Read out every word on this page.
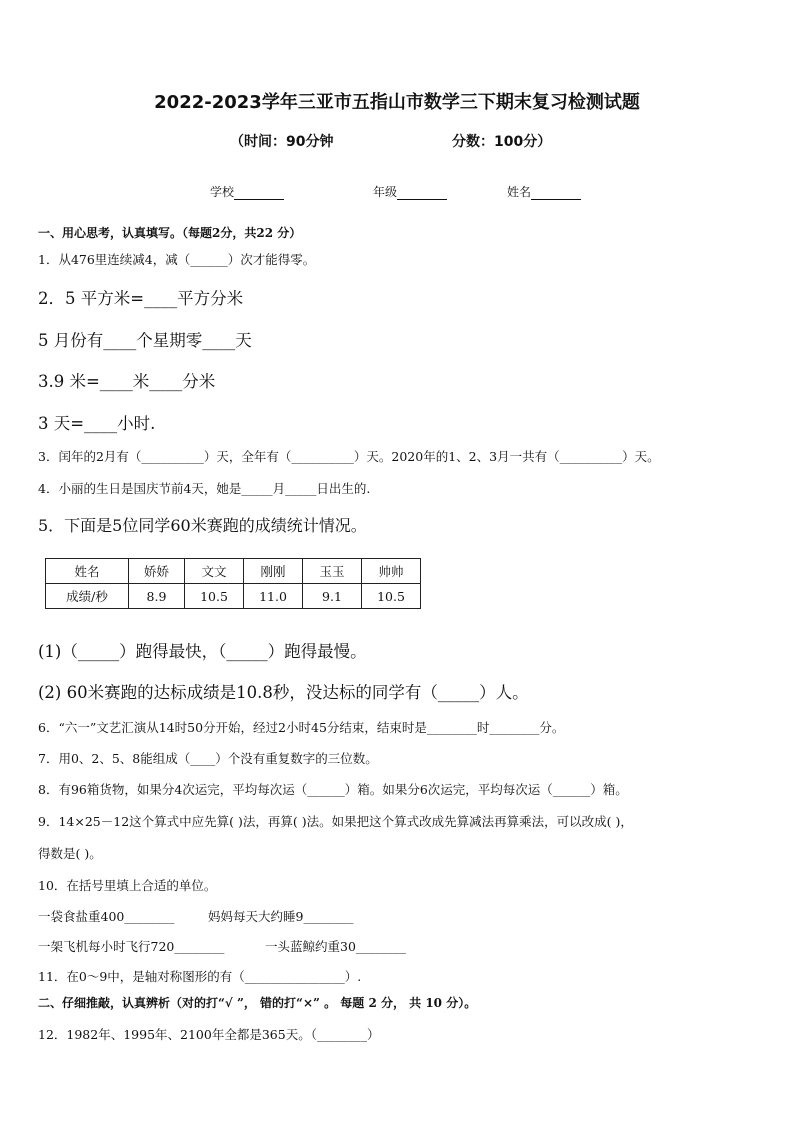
2022-2023学年三亚市五指山市数学三下期末复习检测试题
（时间：90分钟	分数：100分）
学校	年级	姓名
一、用心思考，认真填写。（每题2分，共22 分）
1．从476里连续减4，减（______）次才能得零。
2．5 平方米=____平方分米
5 月份有____个星期零____天
3.9 米=____米____分米
3 天=____小时.
3．闰年的2月有（__________）天，全年有（__________）天。2020年的1、2、3月一共有（__________）天。
4．小丽的生日是国庆节前4天，她是_____月_____日出生的.
5．下面是5位同学60米赛跑的成绩统计情况。
姓名	娇娇	文文	刚刚	玉玉	帅帅
成绩/秒	8.9	10.5	11.0	9.1	10.5
(1)（_____）跑得最快，（_____）跑得最慢。
(2) 60米赛跑的达标成绩是10.8秒，没达标的同学有（_____）人。
6．“六一”文艺汇演从14时50分开始，经过2小时45分结束，结束时是________时________分。
7．用0、2、5、8能组成（____）个没有重复数字的三位数。
8．有96箱货物，如果分4次运完，平均每次运（______）箱。如果分6次运完，平均每次运（______）箱。
9．14×25－12这个算式中应先算( )法，再算( )法。如果把这个算式改成先算减法再算乘法，可以改成( )，
得数是( )。
10．在括号里填上合适的单位。
一袋食盐重400________	妈妈每天大约睡9________
一架飞机每小时飞行720________	一头蓝鲸约重30________
11．在0～9中，是轴对称图形的有（________________）.
二、仔细推敲，认真辨析（对的打“√ ”， 错的打“×” 。 每题 2 分， 共 10 分）。
12．1982年、1995年、2100年全都是365天。（________）
